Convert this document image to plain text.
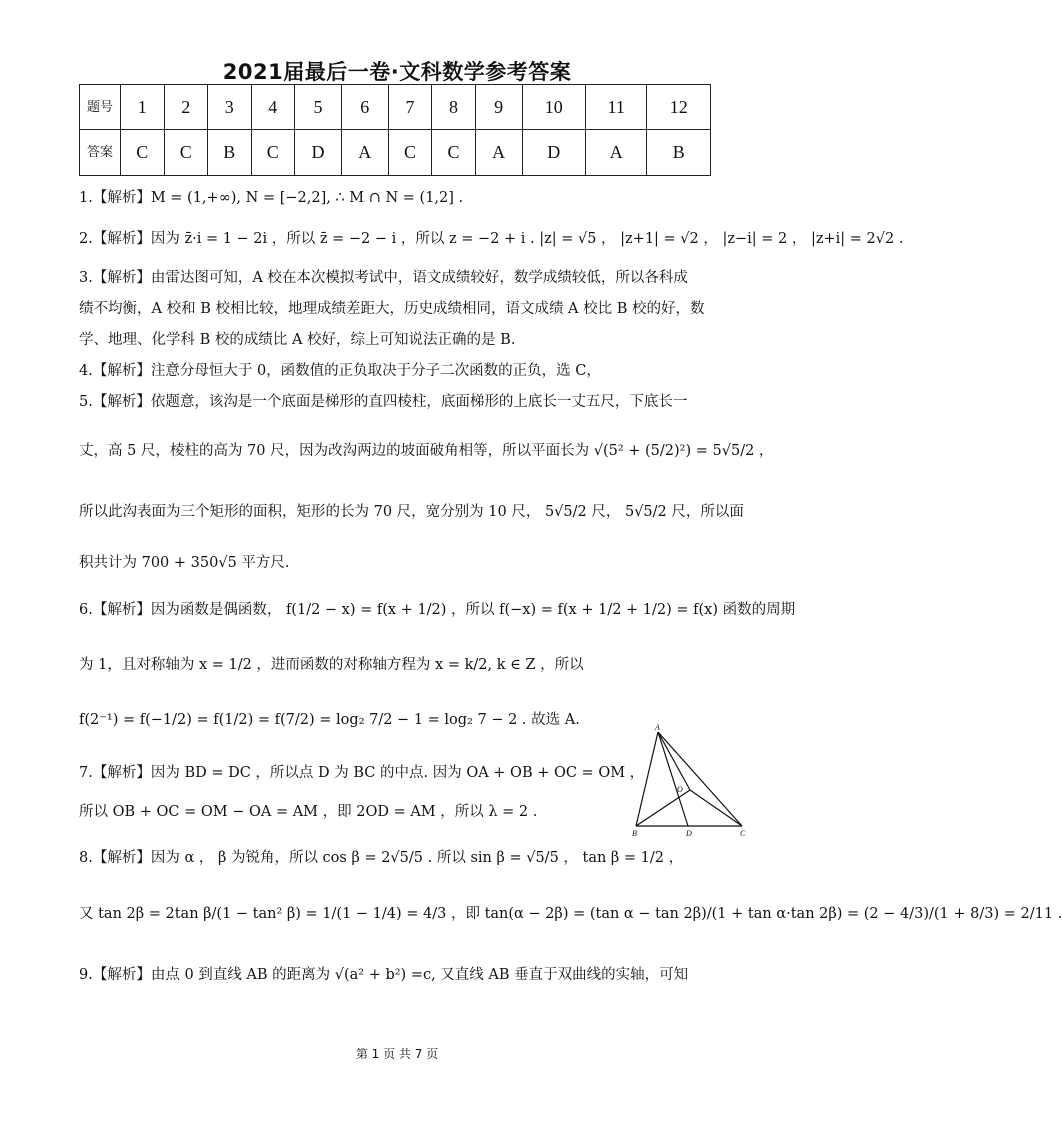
2021届最后一卷·文科数学参考答案
题号	1	2	3	4	5	6	7	8	9	10	11	12
答案	C	C	B	C	D	A	C	C	A	D	A	B
1.【解析】M = (1,+∞), N = [−2,2], ∴ M ∩ N = (1,2] .
2.【解析】因为 z̄·i = 1 − 2i ，所以 z̄ = −2 − i ，所以 z = −2 + i . |z| = √5 ， |z+1| = √2 ， |z−i| = 2 ， |z+i| = 2√2 .
3.【解析】由雷达图可知，A 校在本次模拟考试中，语文成绩较好，数学成绩较低，所以各科成
绩不均衡，A 校和 B 校相比较，地理成绩差距大，历史成绩相同，语文成绩 A 校比 B 校的好，数
学、地理、化学科 B 校的成绩比 A 校好，综上可知说法正确的是 B.
4.【解析】注意分母恒大于 0，函数值的正负取决于分子二次函数的正负，选 C，
5.【解析】依题意，该沟是一个底面是梯形的直四棱柱，底面梯形的上底长一丈五尺，下底长一
丈，高 5 尺，棱柱的高为 70 尺，因为改沟两边的坡面破角相等，所以平面长为 √(5² + (5/2)²) = 5√5/2 ，
所以此沟表面为三个矩形的面积，矩形的长为 70 尺，宽分别为 10 尺， 5√5/2 尺， 5√5/2 尺，所以面
积共计为 700 + 350√5 平方尺.
6.【解析】因为函数是偶函数， f(1/2 − x) = f(x + 1/2) ，所以 f(−x) = f(x + 1/2 + 1/2) = f(x) 函数的周期
为 1，且对称轴为 x = 1/2 ，进而函数的对称轴方程为 x = k/2, k ∈ Z ，所以
f(2⁻¹) = f(−1/2) = f(1/2) = f(7/2) = log₂ 7/2 − 1 = log₂ 7 − 2 . 故选 A.
7.【解析】因为 BD = DC ，所以点 D 为 BC 的中点. 因为 OA + OB + OC = OM ，
所以 OB + OC = OM − OA = AM ，即 2OD = AM ，所以 λ = 2 .
8.【解析】因为 α ， β 为锐角，所以 cos β = 2√5/5 . 所以 sin β = √5/5 ， tan β = 1/2 ，
又 tan 2β = 2tan β/(1 − tan² β) = 1/(1 − 1/4) = 4/3 ，即 tan(α − 2β) = (tan α − tan 2β)/(1 + tan α·tan 2β) = (2 − 4/3)/(1 + 8/3) = 2/11 .
9.【解析】由点 0 到直线 AB 的距离为 √(a² + b²) =c, 又直线 AB 垂直于双曲线的实轴，可知
A
O
B	D	C
第 1 页 共 7 页
